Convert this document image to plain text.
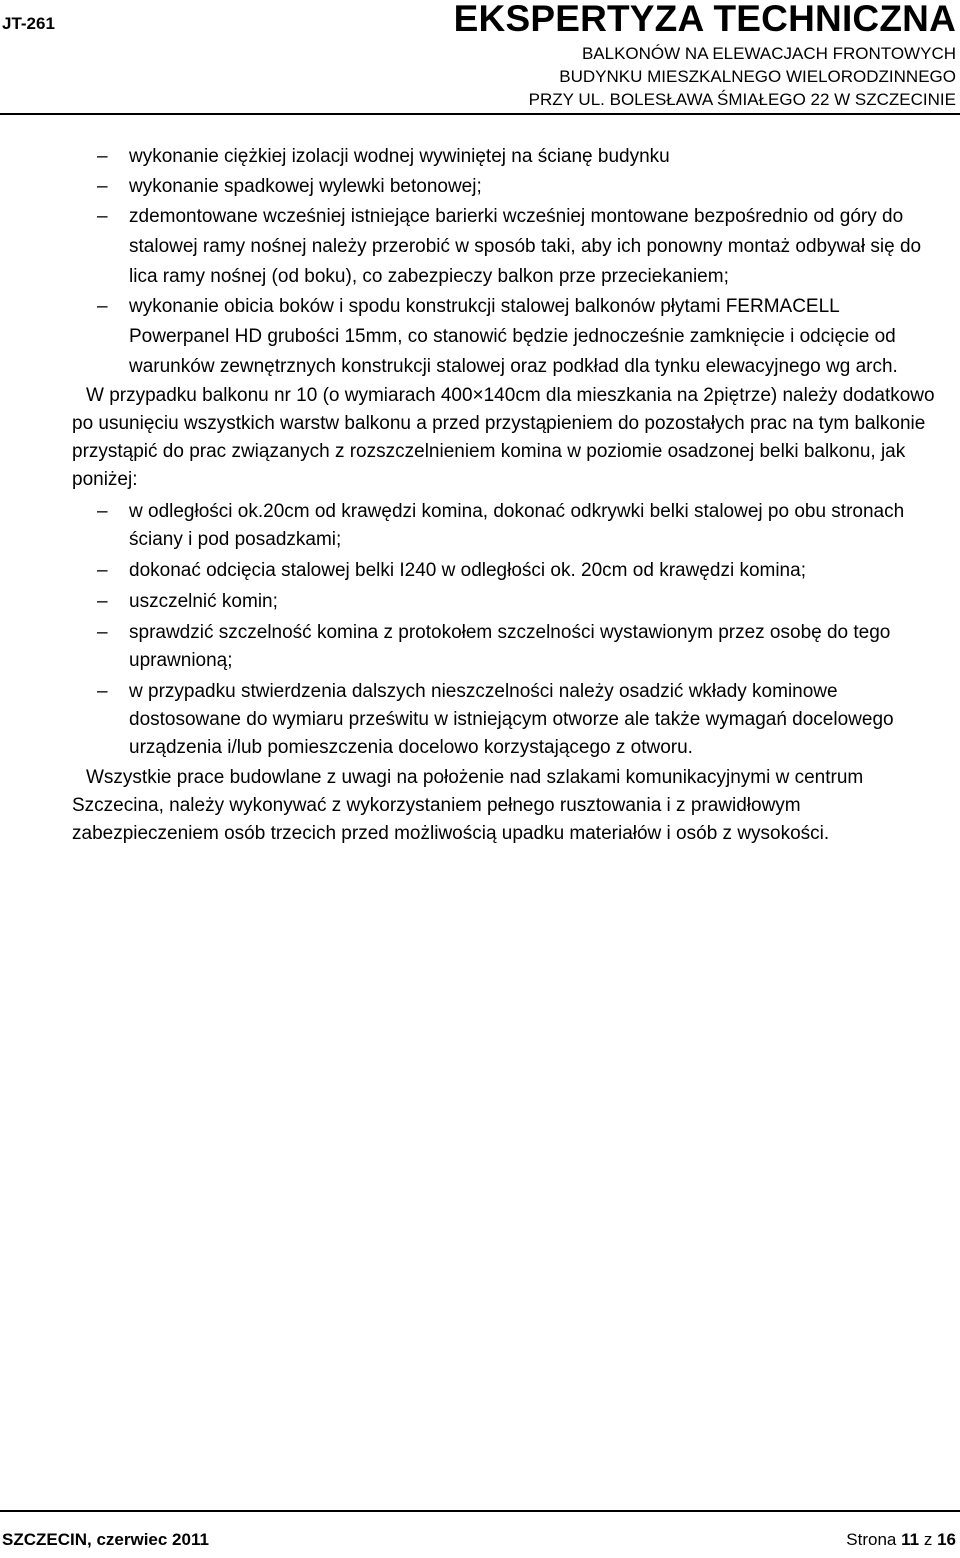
JT-261	EKSPERTYZA TECHNICZNA
BALKONÓW NA ELEWACJACH FRONTOWYCH
BUDYNKU MIESZKALNEGO WIELORODZINNEGO
PRZY UL. BOLESŁAWA ŚMIAŁEGO 22 W SZCZECINIE
– wykonanie ciężkiej izolacji wodnej wywiniętej na ścianę budynku
– wykonanie spadkowej wylewki betonowej;
– zdemontowane wcześniej istniejące barierki wcześniej montowane bezpośrednio od góry do stalowej ramy nośnej należy przerobić w sposób taki, aby ich ponowny montaż odbywał się do lica ramy nośnej (od boku), co zabezpieczy balkon prze przeciekaniem;
– wykonanie obicia boków i spodu konstrukcji stalowej balkonów płytami FERMACELL Powerpanel HD grubości 15mm, co stanowić będzie jednocześnie zamknięcie i odcięcie od warunków zewnętrznych konstrukcji stalowej oraz podkład dla tynku elewacyjnego wg arch.
W przypadku balkonu nr 10 (o wymiarach 400×140cm dla mieszkania na 2piętrze) należy dodatkowo po usunięciu wszystkich warstw balkonu a przed przystąpieniem do pozostałych prac na tym balkonie przystąpić do prac związanych z rozszczelnieniem komina w poziomie osadzonej belki balkonu, jak poniżej:
– w odległości ok.20cm od krawędzi komina, dokonać odkrywki belki stalowej po obu stronach ściany i pod posadzkami;
– dokonać odcięcia stalowej belki I240 w odległości ok. 20cm od krawędzi komina;
– uszczelnić komin;
– sprawdzić szczelność komina z protokołem szczelności wystawionym przez osobę do tego uprawnioną;
– w przypadku stwierdzenia dalszych nieszczelności należy osadzić wkłady kominowe dostosowane do wymiaru prześwitu w istniejącym otworze ale także wymagań docelowego urządzenia i/lub pomieszczenia docelowo korzystającego z otworu.
Wszystkie prace budowlane z uwagi na położenie nad szlakami komunikacyjnymi w centrum Szczecina, należy wykonywać z wykorzystaniem pełnego rusztowania i z prawidłowym zabezpieczeniem osób trzecich przed możliwością upadku materiałów i osób z wysokości.
SZCZECIN, czerwiec 2011	Strona 11 z 16
